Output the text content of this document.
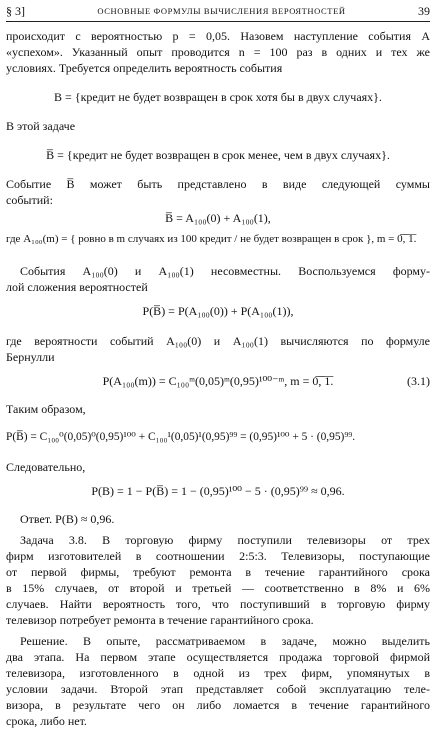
§ 3]	ОСНОВНЫЕ ФОРМУЛЫ ВЫЧИСЛЕНИЯ ВЕРОЯТНОСТЕЙ	39
происходит с вероятностью p = 0,05. Назовем наступление события A
«успехом». Указанный опыт проводится n = 100 раз в одних и тех же
условиях. Требуется определить вероятность события
B = {кредит не будет возвращен в срок хотя бы в двух случаях}.
В этой задаче
B̅ = {кредит не будет возвращен в срок менее, чем в двух случаях}.
Событие B̅ может быть представлено в виде следующей суммы
событий:
B̅ = A₁₀₀(0) + A₁₀₀(1),
где A₁₀₀(m) = { ровно в m случаях из 100 кредит / не будет возвращен в срок }, m = 0̅,̅ ̅1̅.
События A₁₀₀(0) и A₁₀₀(1) несовместны. Воспользуемся форму-
лой сложения вероятностей
P(B̅) = P(A₁₀₀(0)) + P(A₁₀₀(1)),
где вероятности событий A₁₀₀(0) и A₁₀₀(1) вычисляются по формуле
Бернулли
P(A₁₀₀(m)) = C₁₀₀ᵐ(0,05)ᵐ(0,95)¹⁰⁰⁻ᵐ, m = 0̅,̅ ̅1̅.	(3.1)
Таким образом,
P(B̅) = C₁₀₀⁰(0,05)⁰(0,95)¹⁰⁰ + C₁₀₀¹(0,05)¹(0,95)⁹⁹ = (0,95)¹⁰⁰ + 5 · (0,95)⁹⁹.
Следовательно,
P(B) = 1 − P(B̅) = 1 − (0,95)¹⁰⁰ − 5 · (0,95)⁹⁹ ≈ 0,96.
Ответ. P(B) ≈ 0,96.
Задача 3.8. В торговую фирму поступили телевизоры от трех
фирм изготовителей в соотношении 2:5:3. Телевизоры, поступающие
от первой фирмы, требуют ремонта в течение гарантийного срока
в 15% случаев, от второй и третьей — соответственно в 8% и 6%
случаев. Найти вероятность того, что поступивший в торговую фирму
телевизор потребует ремонта в течение гарантийного срока.
Решение. В опыте, рассматриваемом в задаче, можно выделить
два этапа. На первом этапе осуществляется продажа торговой фирмой
телевизора, изготовленного в одной из трех фирм, упомянутых в
условии задачи. Второй этап представляет собой эксплуатацию теле-
визора, в результате чего он либо ломается в течение гарантийного
срока, либо нет.
